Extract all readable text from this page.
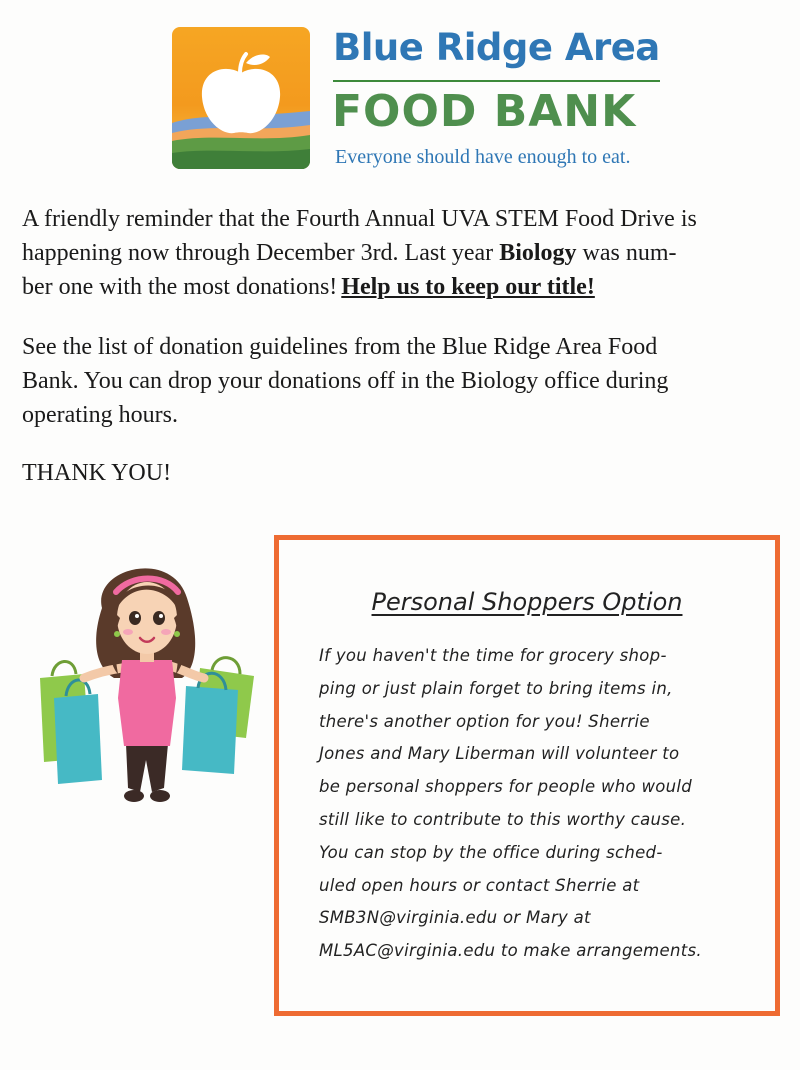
Blue Ridge Area
FOOD BANK
Everyone should have enough to eat.
A friendly reminder that the Fourth Annual UVA STEM Food Drive is
happening now through December 3rd. Last year Biology was num-
ber one with the most donations! Help us to keep our title!
See the list of donation guidelines from the Blue Ridge Area Food
Bank. You can drop your donations off in the Biology office during
operating hours.
THANK YOU!
Personal Shoppers Option
If you haven't the time for grocery shop-
ping or just plain forget to bring items in,
there's another option for you! Sherrie
Jones and Mary Liberman will volunteer to
be personal shoppers for people who would
still like to contribute to this worthy cause.
You can stop by the office during sched-
uled open hours or contact Sherrie at
SMB3N@virginia.edu or Mary at
ML5AC@virginia.edu to make arrangements.
